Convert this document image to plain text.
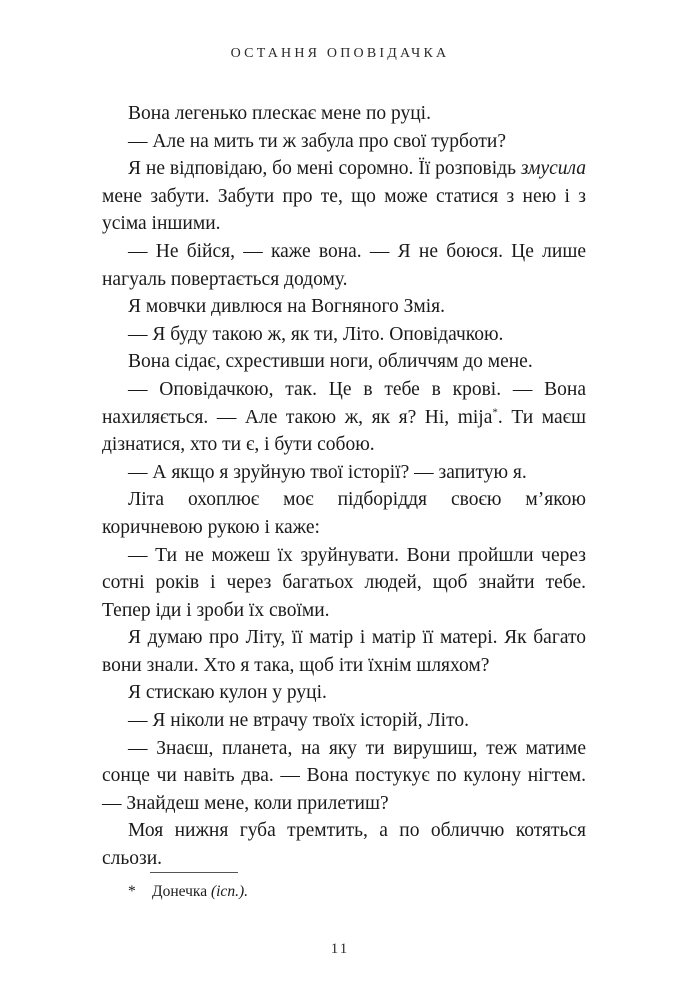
ОСТАННЯ ОПОВІДАЧКА

Вона легенько плескає мене по руці.

— Але на мить ти ж забула про свої турботи?

Я не відповідаю, бо мені соромно. Її розповідь змусила мене забути. Забути про те, що може статися з нею і з усіма іншими.

— Не бійся, — каже вона. — Я не боюся. Це лише нагуаль повертається додому.

Я мовчки дивлюся на Вогняного Змія.

— Я буду такою ж, як ти, Літо. Оповідачкою.

Вона сідає, схрестивши ноги, обличчям до мене.

— Оповідачкою, так. Це в тебе в крові. — Вона нахиляється. — Але такою ж, як я? Ні, mija*. Ти маєш дізнатися, хто ти є, і бути собою.

— А якщо я зруйную твої історії? — запитую я.

Літа охоплює моє підборіддя своєю м’якою коричневою рукою і каже:

— Ти не можеш їх зруйнувати. Вони пройшли через сотні років і через багатьох людей, щоб знайти тебе. Тепер іди і зроби їх своїми.

Я думаю про Літу, її матір і матір її матері. Як багато вони знали. Хто я така, щоб іти їхнім шляхом?

Я стискаю кулон у руці.

— Я ніколи не втрачу твоїх історій, Літо.

— Знаєш, планета, на яку ти вирушиш, теж матиме сонце чи навіть два. — Вона постукує по кулону нігтем. — Знайдеш мене, коли прилетиш?

Моя нижня губа тремтить, а по обличчю котяться сльози.

* Донечка (ісп.).
11
